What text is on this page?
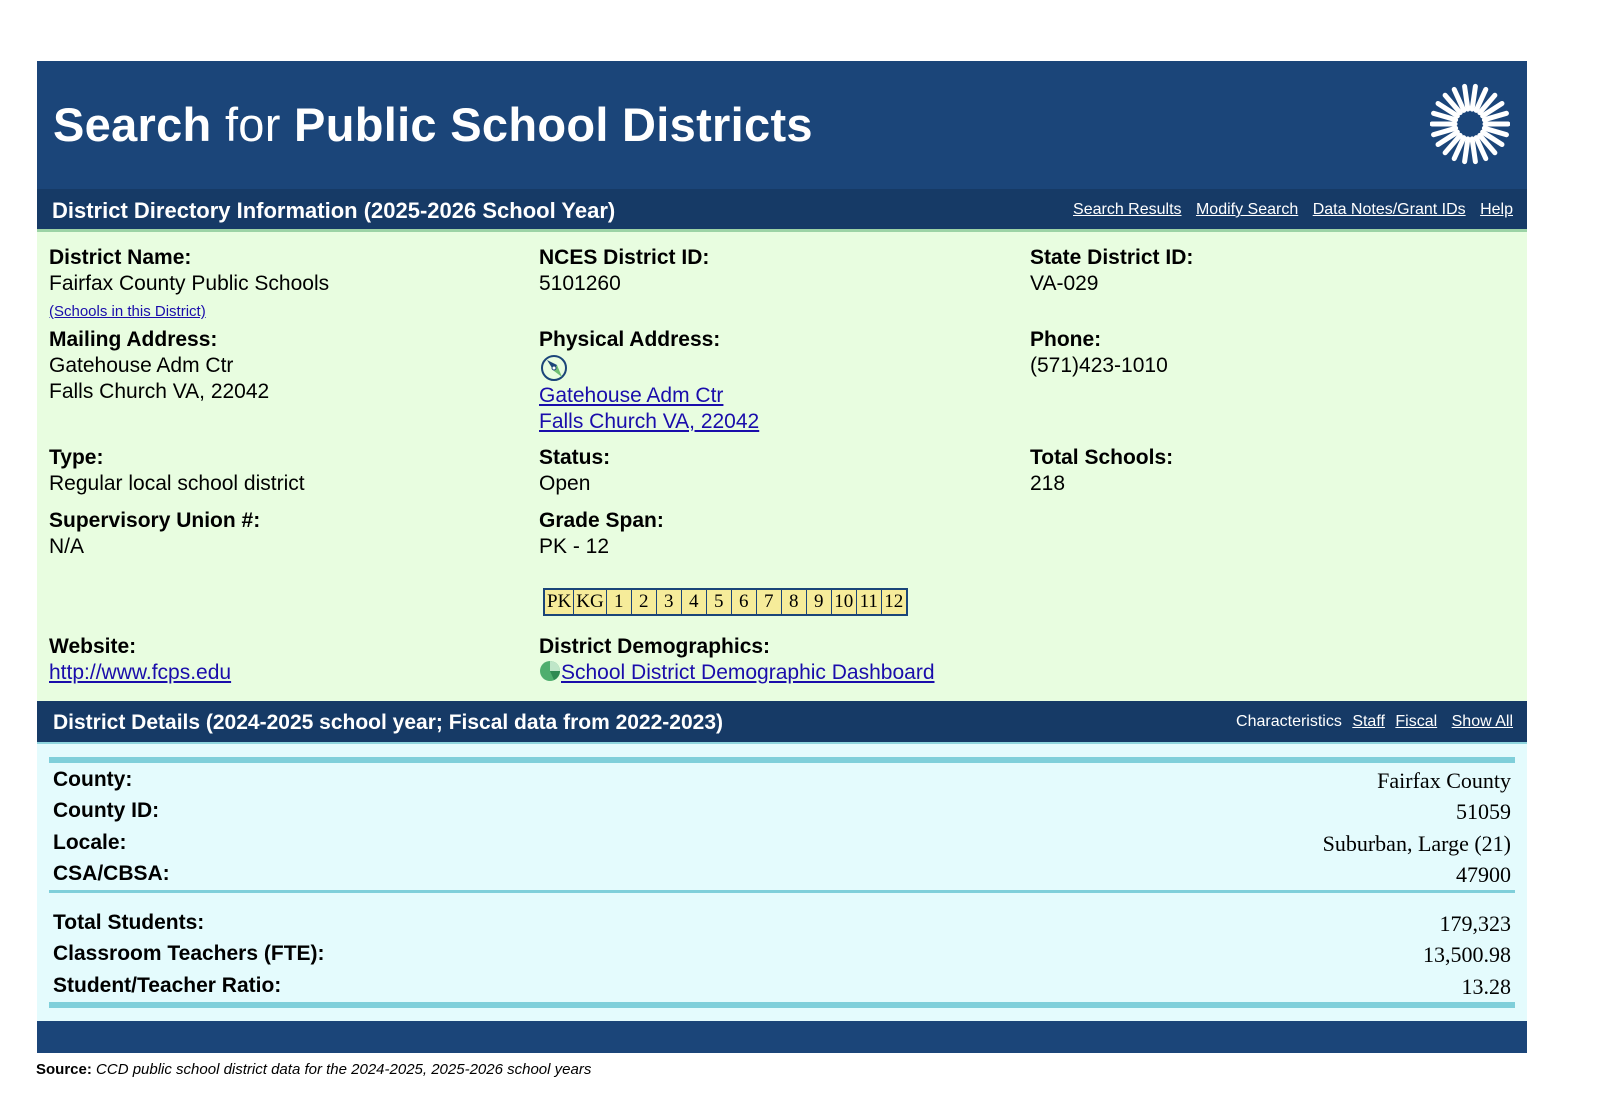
Search for Public School Districts
District Directory Information (2025-2026 School Year)	Search Results Modify Search Data Notes/Grant IDs Help
District Name:
Fairfax County Public Schools
(Schools in this District)
NCES District ID:
5101260
State District ID:
VA-029
Mailing Address:
Gatehouse Adm Ctr
Falls Church VA, 22042
Physical Address:
Gatehouse Adm Ctr
Falls Church VA, 22042
Phone:
(571)423-1010
Type:
Regular local school district
Status:
Open
Total Schools:
218
Supervisory Union #:
N/A
Grade Span:
PK - 12
PK	KG	1	2	3	4	5	6	7	8	9	10	11	12
Website:
http://www.fcps.edu
District Demographics:
School District Demographic Dashboard
District Details (2024-2025 school year; Fiscal data from 2022-2023)	Characteristics Staff Fiscal Show All
County:	Fairfax County
County ID:	51059
Locale:	Suburban, Large (21)
CSA/CBSA:	47900
Total Students:	179,323
Classroom Teachers (FTE):	13,500.98
Student/Teacher Ratio:	13.28
Source: CCD public school district data for the 2024-2025, 2025-2026 school years
